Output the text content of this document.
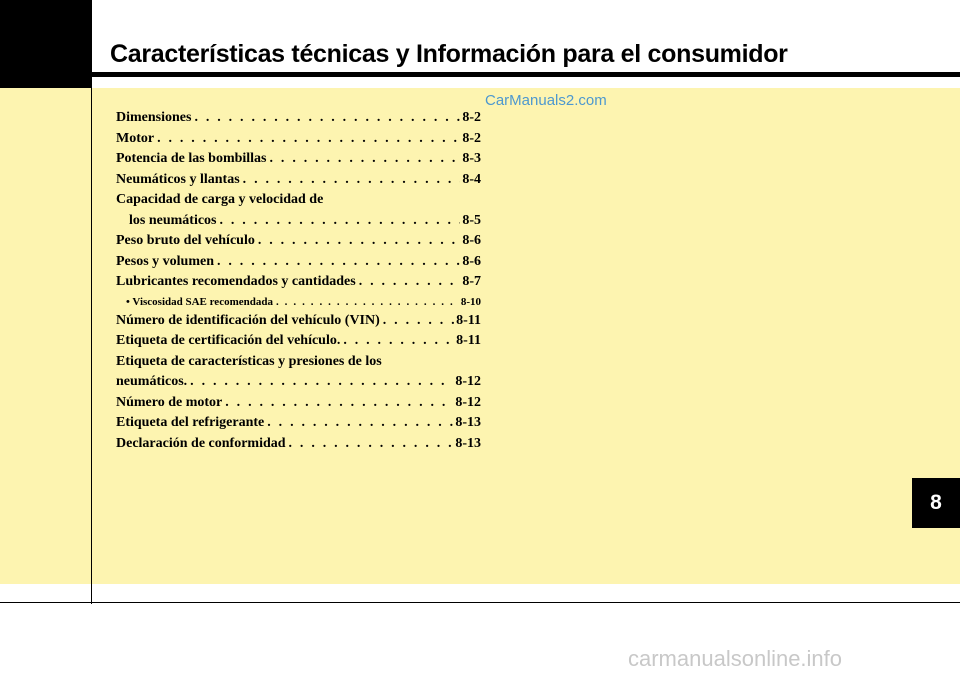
Características técnicas y Información para el consumidor
CarManuals2.com
Dimensiones . . .	8-2
Motor . . .	8-2
Potencia de las bombillas . . .	8-3
Neumáticos y llantas . . .	8-4
Capacidad de carga y velocidad de
los neumáticos . . .	8-5
Peso bruto del vehículo . . .	8-6
Pesos y volumen . . .	8-6
Lubricantes recomendados y cantidades . . .	8-7
• Viscosidad SAE recomendada . . .	8-10
Número de identificación del vehículo (VIN) . . .	8-11
Etiqueta de certificación del vehículo. . . .	8-11
Etiqueta de características y presiones de los
neumáticos. . . .	8-12
Número de motor . . .	8-12
Etiqueta del refrigerante . . .	8-13
Declaración de conformidad . . .	8-13
8
carmanualsonline.info
